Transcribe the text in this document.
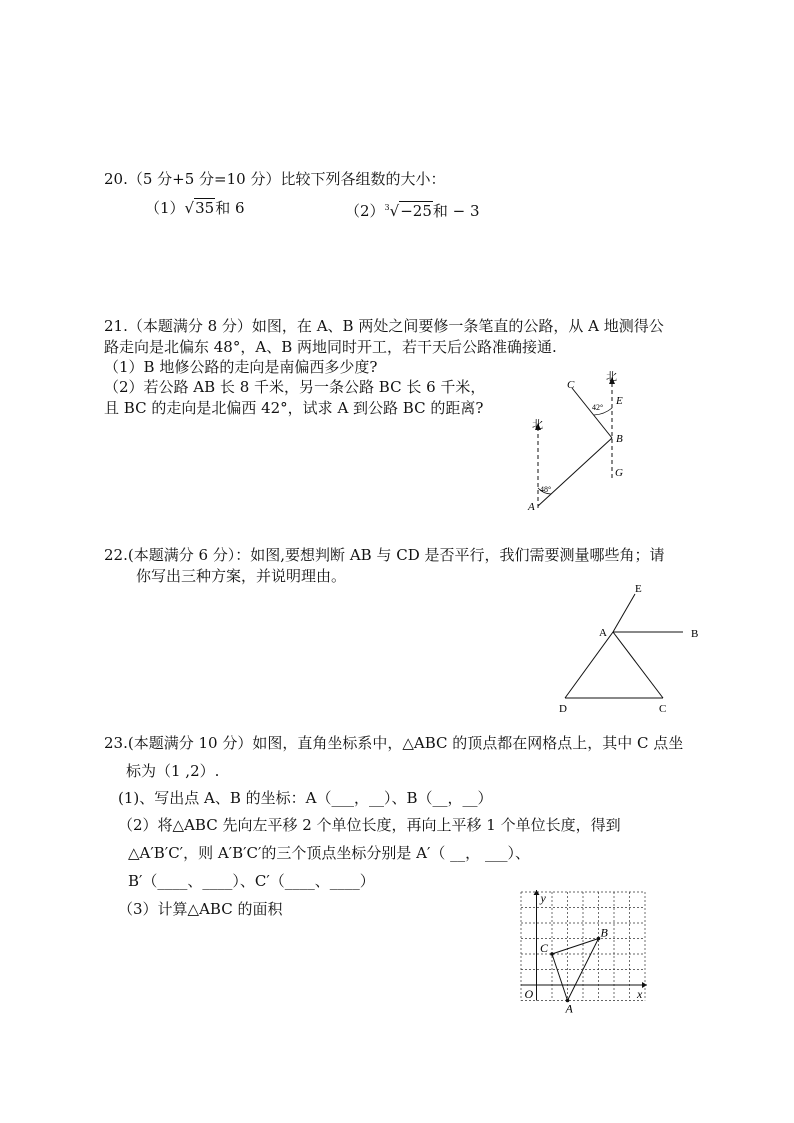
20.（5 分+5 分=10 分）比较下列各组数的大小：
（1）√35和 6	$(2)^3√-25$和 − 3
21.（本题满分 8 分）如图，在 A、B 两处之间要修一条笔直的公路，从 A 地测得公
路走向是北偏东 48°，A、B 两地同时开工，若干天后公路准确接通.
（1）B 地修公路的走向是南偏西多少度?
（2）若公路 AB 长 8 千米，另一条公路 BC 长 6 千米，
且 BC 的走向是北偏西 42°，试求 A 到公路 BC 的距离?
北
北
A
B
C
E
G
48°
42°
22.(本题满分 6 分）：如图,要想判断 AB 与 CD 是否平行，我们需要测量哪些角；请
你写出三种方案，并说明理由。
E
A	B
D	C
23.(本题满分 10 分）如图，直角坐标系中，△ABC 的顶点都在网格点上，其中 C 点坐
标为（1 ,2）.
(1)、写出点 A、B 的坐标：A（___，__）、B（__，__）
（2）将△ABC 先向左平移 2 个单位长度，再向上平移 1 个单位长度，得到
△A′B′C′，则 A′B′C′的三个顶点坐标分别是 A′（ __， ___）、
B′（____、____）、C′（____、____）
（3）计算△ABC 的面积
y
x
O
A
B
C
